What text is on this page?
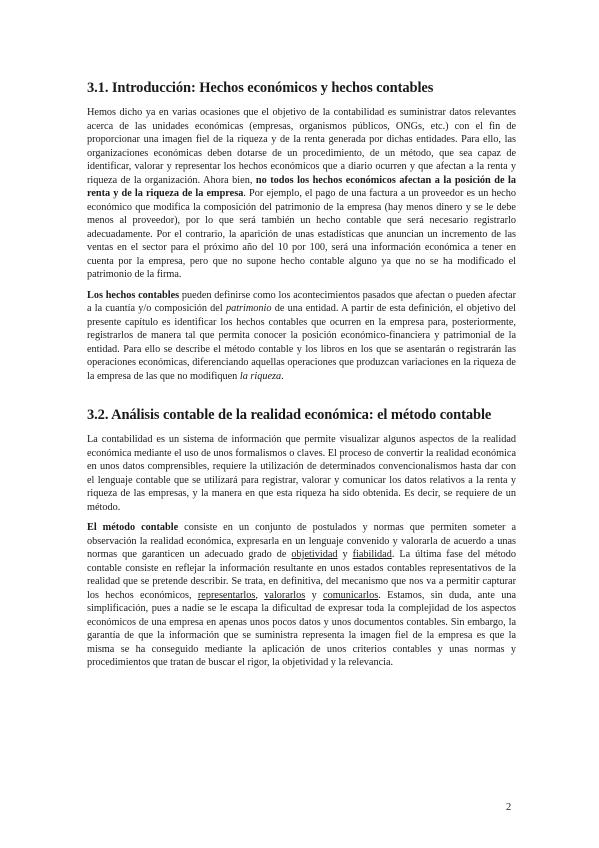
3.1. Introducción: Hechos económicos y hechos contables

Hemos dicho ya en varias ocasiones que el objetivo de la contabilidad es suministrar datos relevantes acerca de las unidades económicas (empresas, organismos públicos, ONGs, etc.) con el fin de proporcionar una imagen fiel de la riqueza y de la renta generada por dichas entidades. Para ello, las organizaciones económicas deben dotarse de un procedimiento, de un método, que sea capaz de identificar, valorar y representar los hechos económicos que a diario ocurren y que afectan a la renta y riqueza de la organización. Ahora bien, no todos los hechos económicos afectan a la posición de la renta y de la riqueza de la empresa. Por ejemplo, el pago de una factura a un proveedor es un hecho económico que modifica la composición del patrimonio de la empresa (hay menos dinero y se le debe menos al proveedor), por lo que será también un hecho contable que será necesario registrarlo adecuadamente. Por el contrario, la aparición de unas estadísticas que anuncian un incremento de las ventas en el sector para el próximo año del 10 por 100, será una información económica a tener en cuenta por la empresa, pero que no supone hecho contable alguno ya que no se ha modificado el patrimonio de la firma.

Los hechos contables pueden definirse como los acontecimientos pasados que afectan o pueden afectar a la cuantía y/o composición del patrimonio de una entidad. A partir de esta definición, el objetivo del presente capítulo es identificar los hechos contables que ocurren en la empresa para, posteriormente, registrarlos de manera tal que permita conocer la posición económico-financiera y patrimonial de la entidad. Para ello se describe el método contable y los libros en los que se asentarán o registrarán las operaciones económicas, diferenciando aquellas operaciones que produzcan variaciones en la riqueza de la empresa de las que no modifiquen la riqueza.

3.2. Análisis contable de la realidad económica: el método contable

La contabilidad es un sistema de información que permite visualizar algunos aspectos de la realidad económica mediante el uso de unos formalismos o claves. El proceso de convertir la realidad económica en unos datos comprensibles, requiere la utilización de determinados convencionalismos hasta dar con el lenguaje contable que se utilizará para registrar, valorar y comunicar los datos relativos a la renta y riqueza de las empresas, y la manera en que esta riqueza ha sido obtenida. Es decir, se requiere de un método.

El método contable consiste en un conjunto de postulados y normas que permiten someter a observación la realidad económica, expresarla en un lenguaje convenido y valorarla de acuerdo a unas normas que garanticen un adecuado grado de objetividad y fiabilidad. La última fase del método contable consiste en reflejar la información resultante en unos estados contables representativos de la realidad que se pretende describir. Se trata, en definitiva, del mecanismo que nos va a permitir capturar los hechos económicos, representarlos, valorarlos y comunicarlos. Estamos, sin duda, ante una simplificación, pues a nadie se le escapa la dificultad de expresar toda la complejidad de los aspectos económicos de una empresa en apenas unos pocos datos y unos documentos contables. Sin embargo, la garantía de que la información que se suministra representa la imagen fiel de la empresa es que la misma se ha conseguido mediante la aplicación de unos criterios contables y unas normas y procedimientos que tratan de buscar el rigor, la objetividad y la relevancia.

2
